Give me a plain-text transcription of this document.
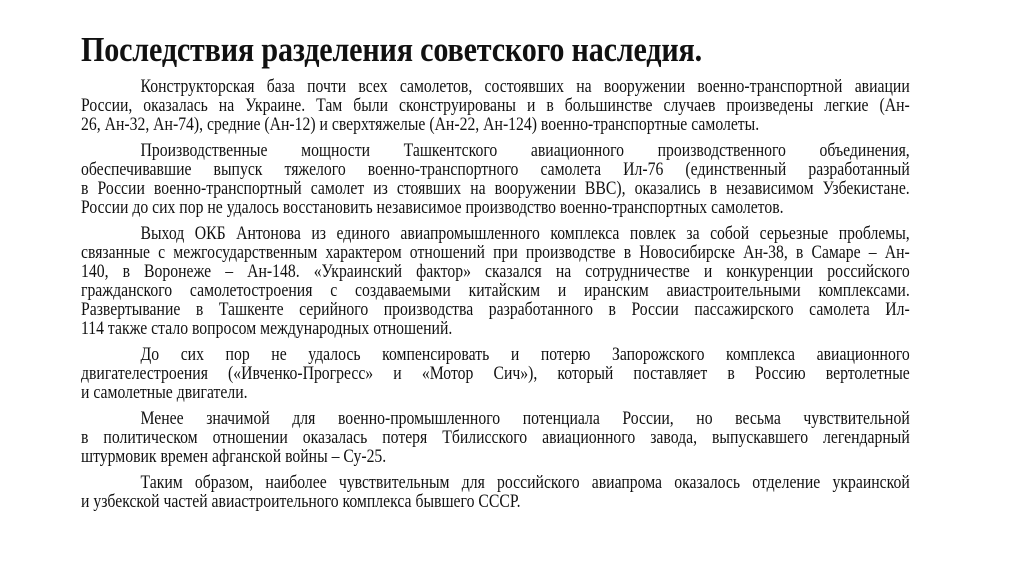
Последствия разделения советского наследия.
Конструкторская база почти всех самолетов, состоявших на вооружении военно-транспортной авиации
России, оказалась на Украине. Там были сконструированы и в большинстве случаев произведены легкие (Ан-
26, Ан-32, Ан-74), средние (Ан-12) и сверхтяжелые (Ан-22, Ан-124) военно-транспортные самолеты.
Производственные мощности Ташкентского авиационного производственного объединения,
обеспечивавшие выпуск тяжелого военно-транспортного самолета Ил-76 (единственный разработанный
в России военно-транспортный самолет из стоявших на вооружении ВВС), оказались в независимом Узбекистане.
России до сих пор не удалось восстановить независимое производство военно-транспортных самолетов.
Выход ОКБ Антонова из единого авиапромышленного комплекса повлек за собой серьезные проблемы,
связанные с межгосударственным характером отношений при производстве в Новосибирске Ан-38, в Самаре – Ан-
140, в Воронеже – Ан-148. «Украинский фактор» сказался на сотрудничестве и конкуренции российского
гражданского самолетостроения с создаваемыми китайским и иранским авиастроительными комплексами.
Развертывание в Ташкенте серийного производства разработанного в России пассажирского самолета Ил-
114 также стало вопросом международных отношений.
До сих пор не удалось компенсировать и потерю Запорожского комплекса авиационного
двигателестроения («Ивченко-Прогресс» и «Мотор Сич»), который поставляет в Россию вертолетные
и самолетные двигатели.
Менее значимой для военно-промышленного потенциала России, но весьма чувствительной
в политическом отношении оказалась потеря Тбилисского авиационного завода, выпускавшего легендарный
штурмовик времен афганской войны – Су-25.
Таким образом, наиболее чувствительным для российского авиапрома оказалось отделение украинской
и узбекской частей авиастроительного комплекса бывшего СССР.
